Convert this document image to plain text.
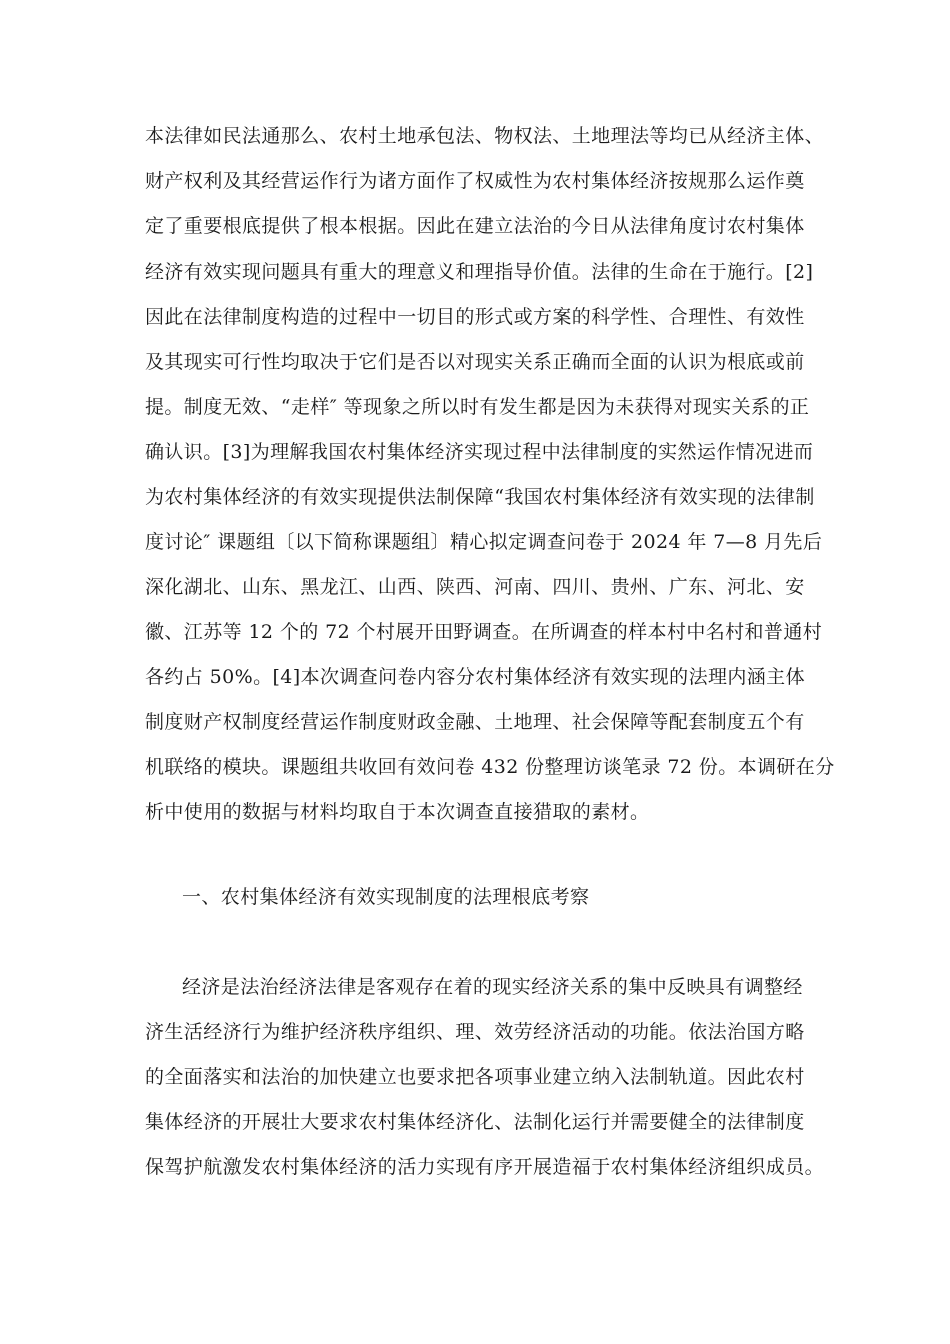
本法律如民法通那么、农村土地承包法、物权法、土地理法等均已从经济主体、

财产权利及其经营运作行为诸方面作了权威性为农村集体经济按规那么运作奠

定了重要根底提供了根本根据。因此在建立法治的今日从法律角度讨农村集体

经济有效实现问题具有重大的理意义和理指导价值。法律的生命在于施行。[2]

因此在法律制度构造的过程中一切目的形式或方案的科学性、合理性、有效性

及其现实可行性均取决于它们是否以对现实关系正确而全面的认识为根底或前

提。制度无效、“走样″ 等现象之所以时有发生都是因为未获得对现实关系的正

确认识。[3]为理解我国农村集体经济实现过程中法律制度的实然运作情况进而

为农村集体经济的有效实现提供法制保障“我国农村集体经济有效实现的法律制

度讨论″ 课题组〔以下简称课题组〕精心拟定调查问卷于 2024 年 7—8 月先后

深化湖北、山东、黑龙江、山西、陕西、河南、四川、贵州、广东、河北、安

徽、江苏等 12 个的 72 个村展开田野调查。在所调查的样本村中名村和普通村

各约占 50%。[4]本次调查问卷内容分农村集体经济有效实现的法理内涵主体

制度财产权制度经营运作制度财政金融、土地理、社会保障等配套制度五个有

机联络的模块。课题组共收回有效问卷 432 份整理访谈笔录 72 份。本调研在分

析中使用的数据与材料均取自于本次调查直接猎取的素材。

一、农村集体经济有效实现制度的法理根底考察

经济是法治经济法律是客观存在着的现实经济关系的集中反映具有调整经

济生活经济行为维护经济秩序组织、理、效劳经济活动的功能。依法治国方略

的全面落实和法治的加快建立也要求把各项事业建立纳入法制轨道。因此农村

集体经济的开展壮大要求农村集体经济化、法制化运行并需要健全的法律制度

保驾护航激发农村集体经济的活力实现有序开展造福于农村集体经济组织成员。
